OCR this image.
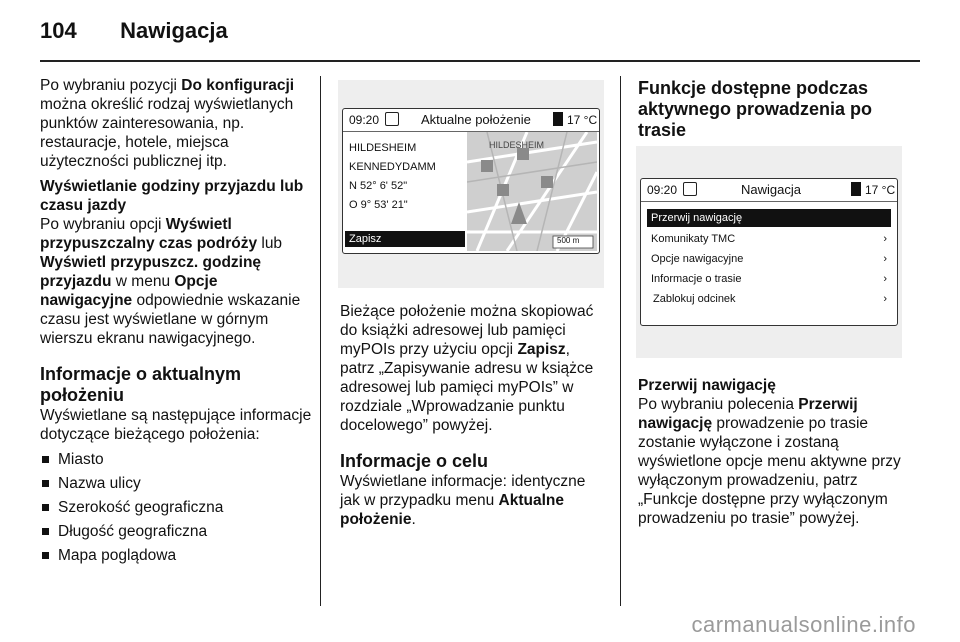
104 Nawigacja

Po wybraniu pozycji Do konfiguracji można określić rodzaj wyświetlanych punktów zainteresowania, np. restauracje, hotele, miejsca użyteczności publicznej itp.

Wyświetlanie godziny przyjazdu lub czasu jazdy

Po wybraniu opcji Wyświetl przypuszczalny czas podróży lub Wyświetl przypuszcz. godzinę przyjazdu w menu Opcje nawigacyjne odpowiednie wskazanie czasu jest wyświetlane w górnym wierszu ekranu nawigacyjnego.

Informacje o aktualnym położeniu

Wyświetlane są następujące informacje dotyczące bieżącego położenia:

Miasto
Nazwa ulicy
Szerokość geograficzna
Długość geograficzna
Mapa poglądowa
09:20	Aktualne położenie	17 °C
HILDESHEIM
KENNEDYDAMM
N 52° 6' 52"
O 9° 53' 21"
Zapisz
HILDESHEIM
500 m

Bieżące położenie można skopiować do książki adresowej lub pamięci myPOIs przy użyciu opcji Zapisz, patrz „Zapisywanie adresu w książce adresowej lub pamięci myPOIs” w rozdziale „Wprowadzanie punktu docelowego” powyżej.

Informacje o celu

Wyświetlane informacje: identyczne jak w przypadku menu Aktualne położenie.

Funkcje dostępne podczas aktywnego prowadzenia po trasie

09:20	Nawigacja	17 °C
Przerwij nawigację
Komunikaty TMC	›
Opcje nawigacyjne	›
Informacje o trasie	›
Zablokuj odcinek	›

Przerwij nawigację

Po wybraniu polecenia Przerwij nawigację prowadzenie po trasie zostanie wyłączone i zostaną wyświetlone opcje menu aktywne przy wyłączonym prowadzeniu, patrz „Funkcje dostępne przy wyłączonym prowadzeniu po trasie” powyżej.

carmanualsonline.info
